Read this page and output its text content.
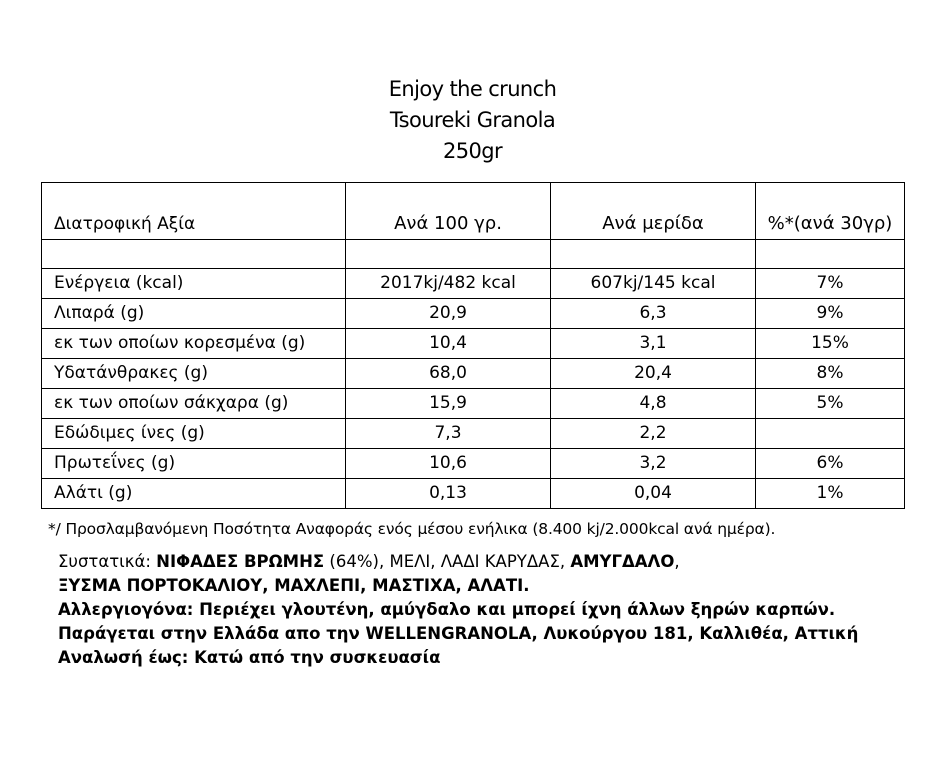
Enjoy the crunch
Tsoureki Granola
250gr
Διατροφική Αξία	Ανά 100 γρ.	Ανά μερίδα	%*(ανά 30γρ)

Ενέργεια (kcal)	2017kj/482 kcal	607kj/145 kcal	7%
Λιπαρά (g)	20,9	6,3	9%
εκ των οποίων κορεσμένα (g)	10,4	3,1	15%
Υδατάνθρακες (g)	68,0	20,4	8%
εκ των οποίων σάκχαρα (g)	15,9	4,8	5%
Εδώδιμες ίνες (g)	7,3	2,2	
Πρωτεΐνες (g)	10,6	3,2	6%
Αλάτι (g)	0,13	0,04	1%
*/ Προσλαμβανόμενη Ποσότητα Αναφοράς ενός μέσου ενήλικα (8.400 kj/2.000kcal ανά ημέρα).
Συστατικά: ΝΙΦΑΔΕΣ ΒΡΩΜΗΣ (64%), ΜΕΛΙ, ΛΑΔΙ ΚΑΡΥΔΑΣ, ΑΜΥΓΔΑΛΟ,
ΞΥΣΜΑ ΠΟΡΤΟΚΑΛΙΟΥ, ΜΑΧΛΕΠΙ, ΜΑΣΤΙΧΑ, ΑΛΑΤΙ.
Αλλεργιογόνα: Περιέχει γλουτένη, αμύγδαλο και μπορεί ίχνη άλλων ξηρών καρπών.
Παράγεται στην Ελλάδα απο την WELLENGRANOLA, Λυκούργου 181, Καλλιθέα, Αττική
Αναλωσή έως: Κατώ από την συσκευασία
